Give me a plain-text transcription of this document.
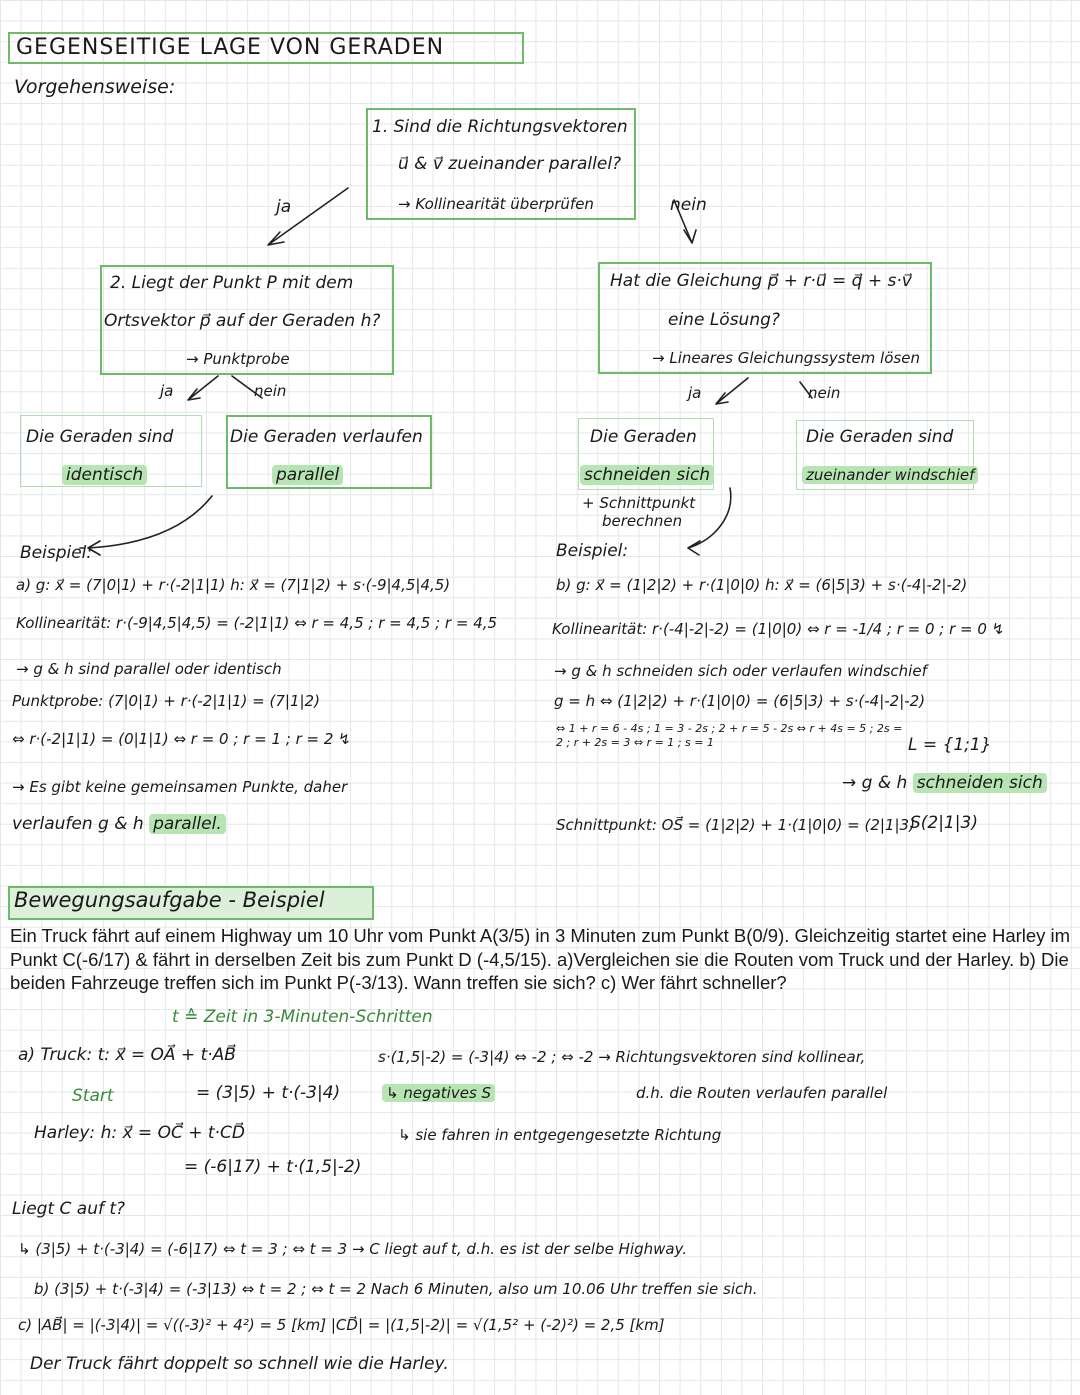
GEGENSEITIGE LAGE VON GERADEN
Vorgehensweise:
1. Sind die Richtungsvektoren
u⃗ & v⃗ zueinander parallel?
→ Kollinearität überprüfen
ja	nein
2. Liegt der Punkt P mit dem
Ortsvektor p⃗ auf der Geraden h?
→ Punktprobe
ja	nein
Hat die Gleichung p⃗ + r·u⃗ = q⃗ + s·v⃗
eine Lösung?
→ Lineares Gleichungssystem lösen
ja	nein
Die Geraden sind
identisch
Die Geraden verlaufen
parallel
Die Geraden
schneiden sich
+ Schnittpunkt
berechnen
Die Geraden sind
zueinander windschief
Beispiel:
a) g: x⃗ = (7|0|1) + r·(-2|1|1) h: x⃗ = (7|1|2) + s·(-9|4,5|4,5)
Kollinearität: r·(-9|4,5|4,5) = (-2|1|1) ⇔ r = 4,5 ; r = 4,5 ; r = 4,5
→ g & h sind parallel oder identisch
Punktprobe: (7|0|1) + r·(-2|1|1) = (7|1|2)
⇔ r·(-2|1|1) = (0|1|1) ⇔ r = 0 ; r = 1 ; r = 2 ↯
→ Es gibt keine gemeinsamen Punkte, daher
verlaufen g & h parallel.
Beispiel:
b) g: x⃗ = (1|2|2) + r·(1|0|0) h: x⃗ = (6|5|3) + s·(-4|-2|-2)
Kollinearität: r·(-4|-2|-2) = (1|0|0) ⇔ r = -1/4 ; r = 0 ; r = 0 ↯
→ g & h schneiden sich oder verlaufen windschief
g = h ⇔ (1|2|2) + r·(1|0|0) = (6|5|3) + s·(-4|-2|-2)
⇔ 1 + r = 6 - 4s ; 1 = 3 - 2s ; 2 + r = 5 - 2s ⇔ r + 4s = 5 ; 2s = 2 ; r + 2s = 3 ⇔ r = 1 ; s = 1	L = {1;1}
→ g & h schneiden sich
Schnittpunkt: OS⃗ = (1|2|2) + 1·(1|0|0) = (2|1|3)
S(2|1|3)
Bewegungsaufgabe - Beispiel
Ein Truck fährt auf einem Highway um 10 Uhr vom Punkt A(3/5) in 3 Minuten zum Punkt B(0/9). Gleichzeitig startet eine Harley im Punkt C(-6/17) & fährt in derselben Zeit bis zum Punkt D (-4,5/15). a)Vergleichen sie die Routen vom Truck und der Harley. b) Die beiden Fahrzeuge treffen sich im Punkt P(-3/13). Wann treffen sie sich? c) Wer fährt schneller?
t ≙ Zeit in 3-Minuten-Schritten
a) Truck: t: x⃗ = OA⃗ + t·AB⃗
= (3|5) + t·(-3|4)
Start
Harley: h: x⃗ = OC⃗ + t·CD⃗
= (-6|17) + t·(1,5|-2)
s·(1,5|-2) = (-3|4) ⇔ -2 ; ⇔ -2 → Richtungsvektoren sind kollinear,
d.h. die Routen verlaufen parallel
↳ negatives S
↳ sie fahren in entgegengesetzte Richtung
Liegt C auf t?
↳ (3|5) + t·(-3|4) = (-6|17) ⇔ t = 3 ; ⇔ t = 3 → C liegt auf t, d.h. es ist der selbe Highway.
b) (3|5) + t·(-3|4) = (-3|13) ⇔ t = 2 ; ⇔ t = 2 Nach 6 Minuten, also um 10.06 Uhr treffen sie sich.
c) |AB⃗| = |(-3|4)| = √((-3)² + 4²) = 5 [km] |CD⃗| = |(1,5|-2)| = √(1,5² + (-2)²) = 2,5 [km]
Der Truck fährt doppelt so schnell wie die Harley.
